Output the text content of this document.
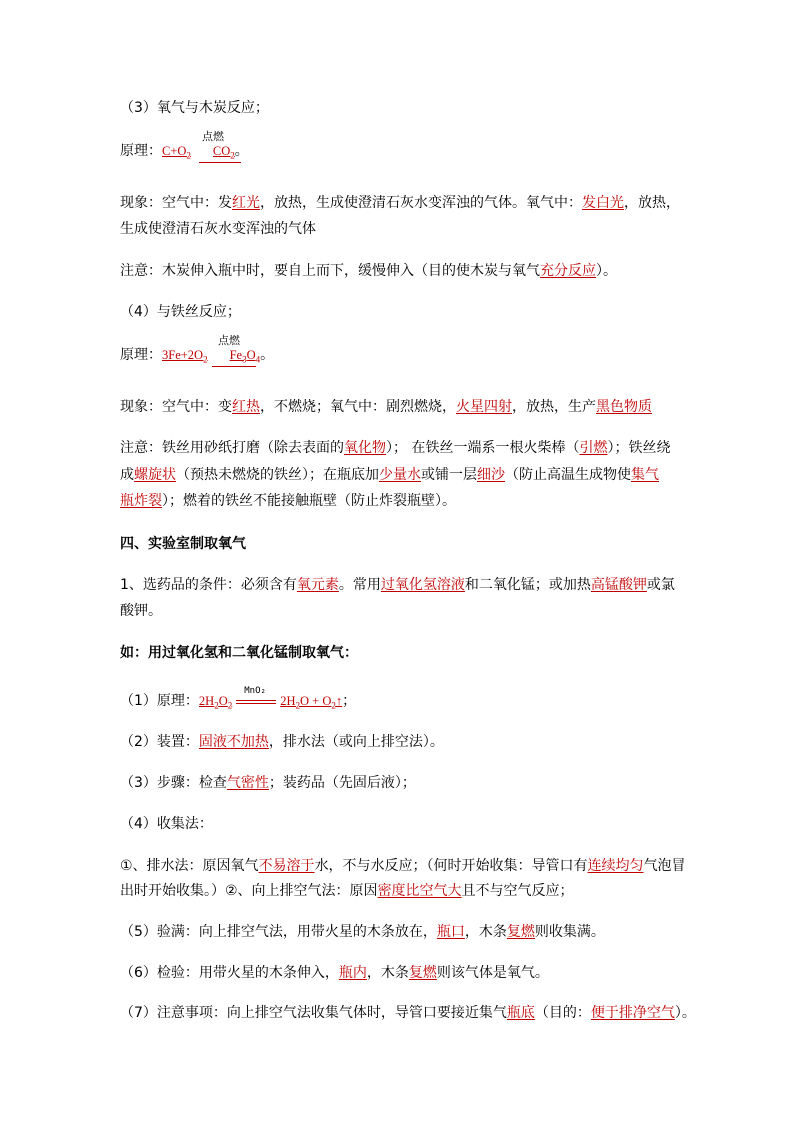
（3）氧气与木炭反应；
原理：$C+O_2$
点燃
$CO_2$。
现象：空气中：发红光，放热，生成使澄清石灰水变浑浊的气体。氧气中：发白光，放热，
生成使澄清石灰水变浑浊的气体
注意：木炭伸入瓶中时，要自上而下，缓慢伸入（目的使木炭与氧气充分反应）。
（4）与铁丝反应；
原理：$3Fe+2O_2$
点燃
$Fe_3O_4$。
现象：空气中：变红热，不燃烧；氧气中：剧烈燃烧，火星四射，放热，生产黑色物质
注意：铁丝用砂纸打磨（除去表面的氧化物）； 在铁丝一端系一根火柴棒（引燃）；铁丝绕
成螺旋状（预热未燃烧的铁丝）；在瓶底加少量水或铺一层细沙（防止高温生成物使集气
瓶炸裂）；燃着的铁丝不能接触瓶壁（防止炸裂瓶壁）。
四、实验室制取氧气
1、选药品的条件：必须含有氧元素。常用过氧化氢溶液和二氧化锰；或加热高锰酸钾或氯
酸钾。
如：用过氧化氢和二氧化锰制取氧气：
（1）原理：$2H_2O_2$
MnO₂
$2H_2O$ + $O_2↑$；
（2）装置：固液不加热，排水法（或向上排空法）。
（3）步骤：检查气密性；装药品（先固后液）；
（4）收集法：
①、排水法：原因氧气不易溶于水，不与水反应；（何时开始收集：导管口有连续均匀气泡冒
出时开始收集。）②、向上排空气法：原因密度比空气大且不与空气反应；
（5）验满：向上排空气法，用带火星的木条放在，瓶口，木条复燃则收集满。
（6）检验：用带火星的木条伸入，瓶内，木条复燃则该气体是氧气。
（7）注意事项：向上排空气法收集气体时，导管口要接近集气瓶底（目的：便于排净空气）。
